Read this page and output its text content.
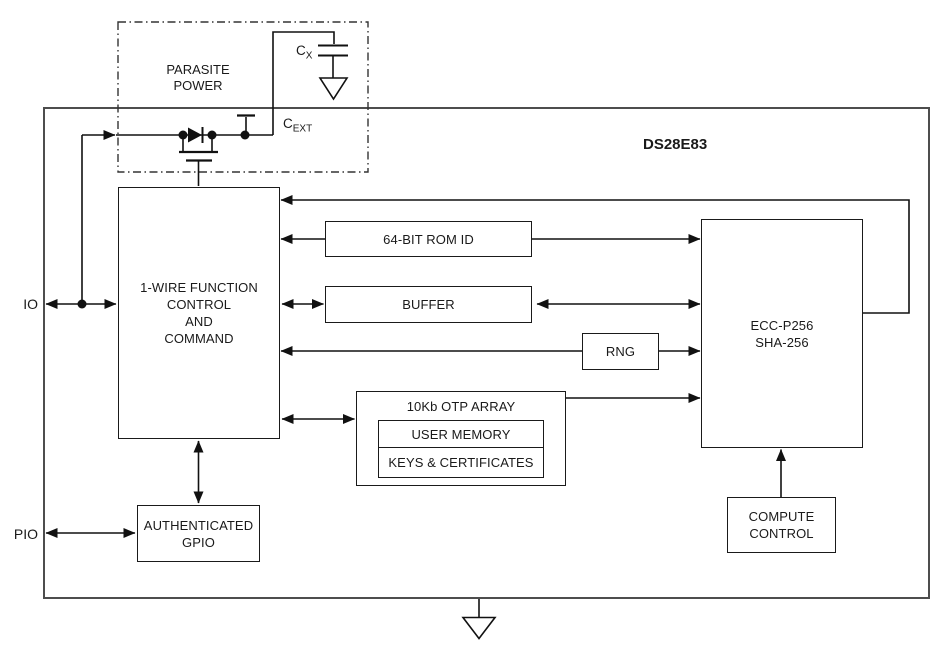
DS28E83
IO
PIO
PARASITE
POWER
$C_X$
$C_{EXT}$
1-WIRE FUNCTION
CONTROL
AND
COMMAND
64-BIT ROM ID
BUFFER
RNG
10Kb OTP ARRAY
USER MEMORY
KEYS & CERTIFICATES
ECC-P256
SHA-256
COMPUTE
CONTROL
AUTHENTICATED
GPIO
